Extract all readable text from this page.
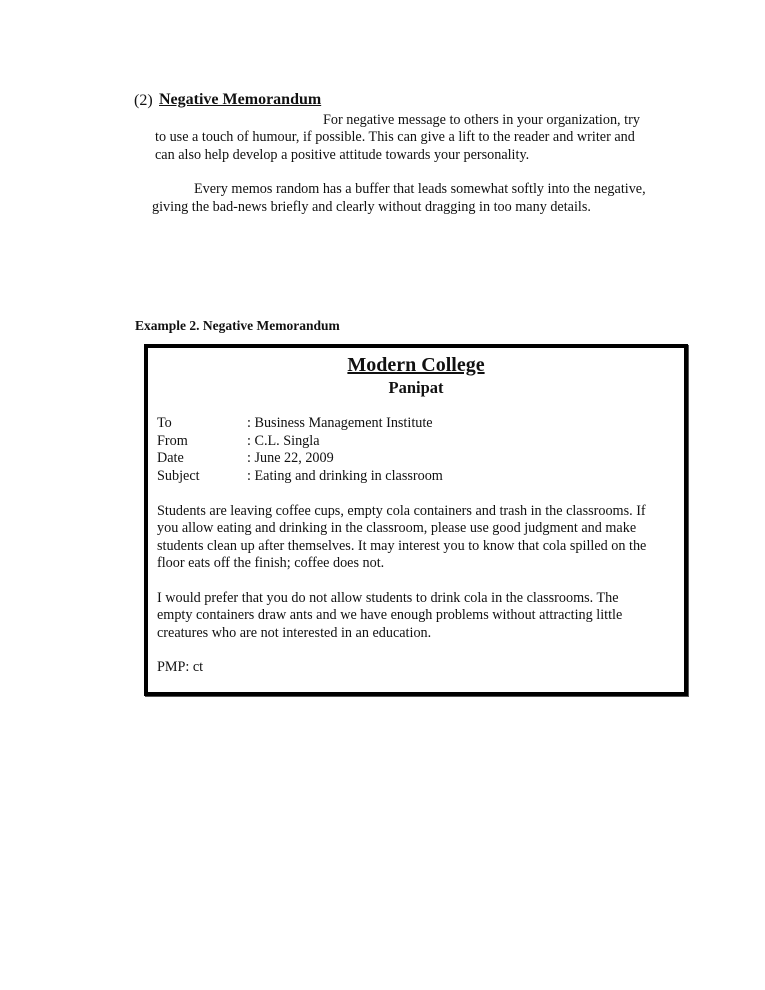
(2) Negative Memorandum
For negative message to others in your organization, try
to use a touch of humour, if possible. This can give a lift to the reader and writer and
can also help develop a positive attitude towards your personality.
Every memos random has a buffer that leads somewhat softly into the negative,
giving the bad-news briefly and clearly without dragging in too many details.
Example 2. Negative Memorandum
Modern College
Panipat
To	: Business Management Institute
From	: C.L. Singla
Date	: June 22, 2009
Subject	: Eating and drinking in classroom
Students are leaving coffee cups, empty cola containers and trash in the classrooms. If
you allow eating and drinking in the classroom, please use good judgment and make
students clean up after themselves. It may interest you to know that cola spilled on the
floor eats off the finish; coffee does not.
I would prefer that you do not allow students to drink cola in the classrooms. The
empty containers draw ants and we have enough problems without attracting little
creatures who are not interested in an education.
PMP: ct
